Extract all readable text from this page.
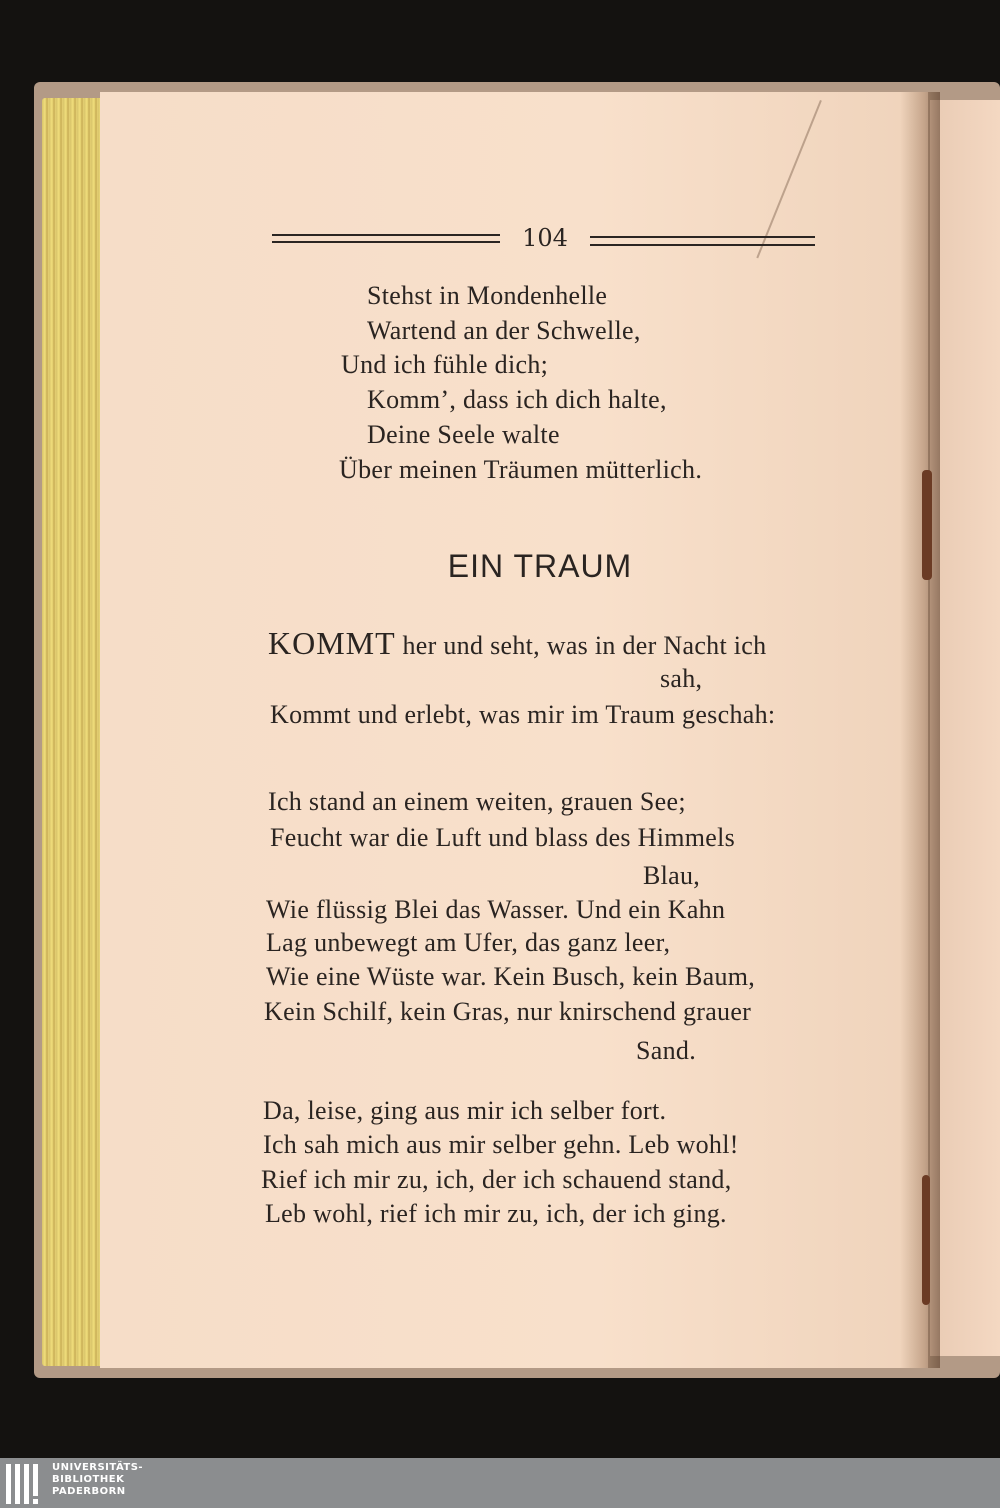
104
Stehst in Mondenhelle
Wartend an der Schwelle,
Und ich fühle dich;
Komm’, dass ich dich halte,
Deine Seele walte
Über meinen Träumen mütterlich.
EIN TRAUM
KOMMT her und seht, was in der Nacht ich
sah,
Kommt und erlebt, was mir im Traum geschah:
Ich stand an einem weiten, grauen See;
Feucht war die Luft und blass des Himmels
Blau,
Wie flüssig Blei das Wasser. Und ein Kahn
Lag unbewegt am Ufer, das ganz leer,
Wie eine Wüste war. Kein Busch, kein Baum,
Kein Schilf, kein Gras, nur knirschend grauer
Sand.
Da, leise, ging aus mir ich selber fort.
Ich sah mich aus mir selber gehn. Leb wohl!
Rief ich mir zu, ich, der ich schauend stand,
Leb wohl, rief ich mir zu, ich, der ich ging.
UNIVERSITÄTS-
BIBLIOTHEK
PADERBORN
